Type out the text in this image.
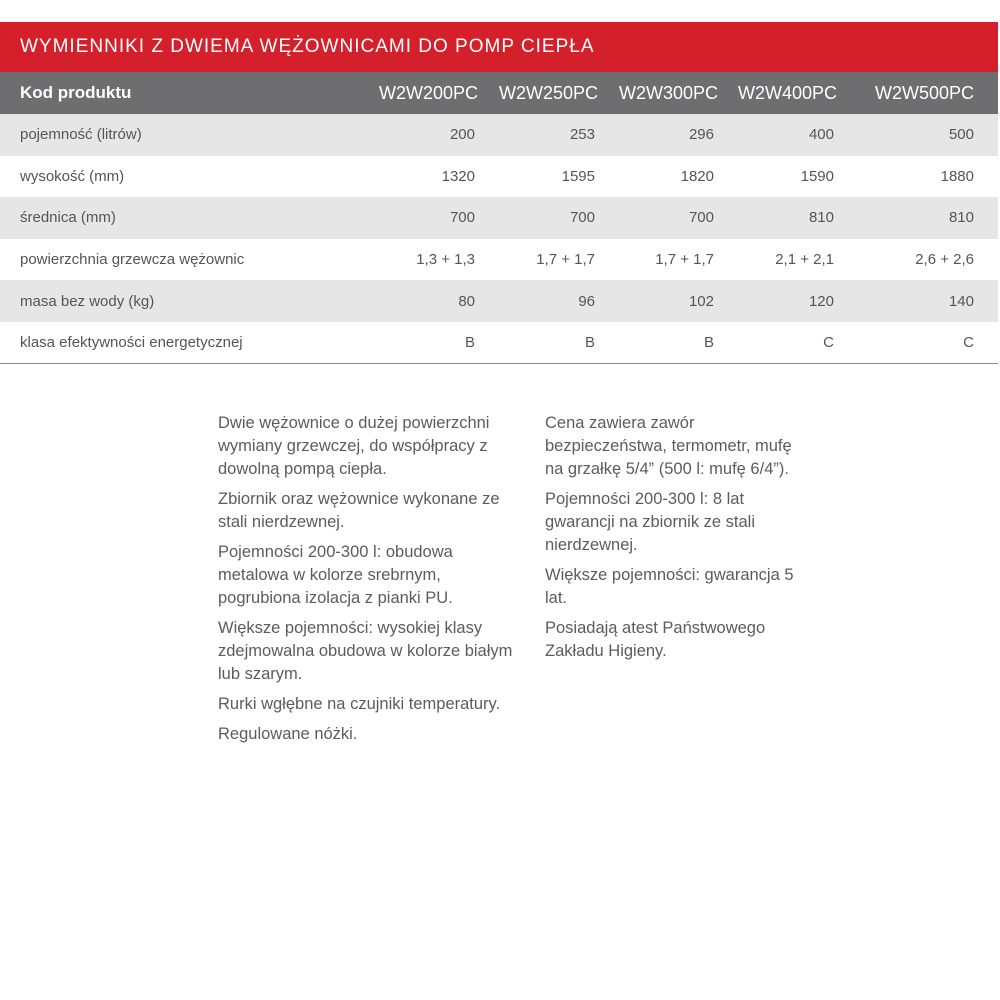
WYMIENNIKI Z DWIEMA WĘŻOWNICAMI DO POMP CIEPŁA
Kod produktu	W2W200PC	W2W250PC	W2W300PC	W2W400PC	W2W500PC
pojemność (litrów)	200	253	296	400	500
wysokość (mm)	1320	1595	1820	1590	1880
średnica (mm)	700	700	700	810	810
powierzchnia grzewcza wężownic	1,3 + 1,3	1,7 + 1,7	1,7 + 1,7	2,1 + 2,1	2,6 + 2,6
masa bez wody (kg)	80	96	102	120	140
klasa efektywności energetycznej	B	B	B	C	C

Dwie wężownice o dużej powierzchni wymiany grzewczej, do współpracy z dowolną pompą ciepła.

Zbiornik oraz wężownice wykonane ze stali nierdzewnej.

Pojemności 200-300 l: obudowa metalowa w kolorze srebrnym, pogrubiona izolacja z pianki PU.

Większe pojemności: wysokiej klasy zdejmowalna obudowa w kolorze białym lub szarym.

Rurki wgłębne na czujniki temperatury.

Regulowane nóżki.

Cena zawiera zawór bezpieczeństwa, termometr, mufę na grzałkę 5/4” (500 l: mufę 6/4”).

Pojemności 200-300 l: 8 lat gwarancji na zbiornik ze stali nierdzewnej.

Większe pojemności: gwarancja 5 lat.

Posiadają atest Państwowego Zakładu Higieny.
